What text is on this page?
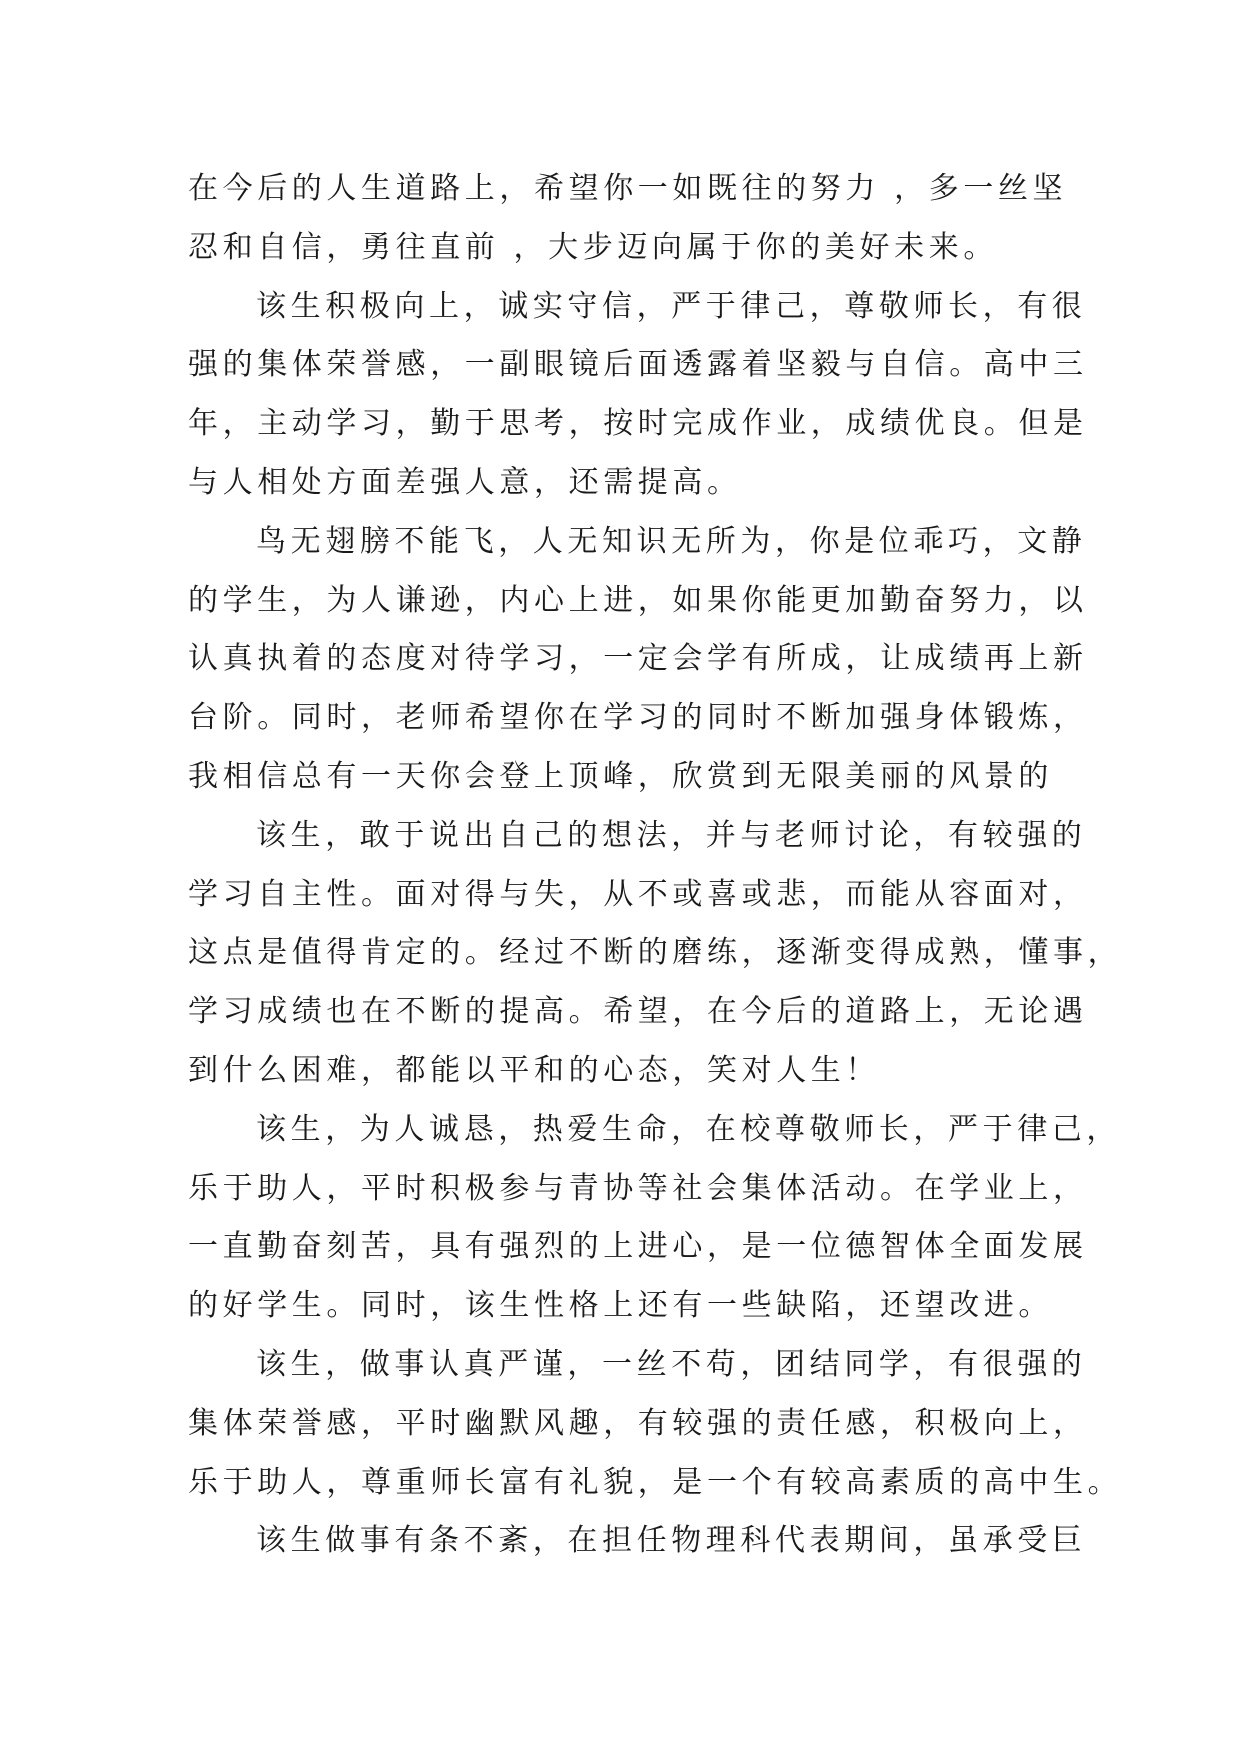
在今后的人生道路上，希望你一如既往的努力 ，多一丝坚
忍和自信，勇往直前 ，大步迈向属于你的美好未来。
该生积极向上，诚实守信，严于律己，尊敬师长，有很
强的集体荣誉感，一副眼镜后面透露着坚毅与自信。高中三
年，主动学习，勤于思考，按时完成作业，成绩优良。但是
与人相处方面差强人意，还需提高。
鸟无翅膀不能飞，人无知识无所为，你是位乖巧，文静
的学生，为人谦逊，内心上进，如果你能更加勤奋努力，以
认真执着的态度对待学习，一定会学有所成，让成绩再上新
台阶。同时，老师希望你在学习的同时不断加强身体锻炼，
我相信总有一天你会登上顶峰，欣赏到无限美丽的风景的
该生，敢于说出自己的想法，并与老师讨论，有较强的
学习自主性。面对得与失，从不或喜或悲，而能从容面对，
这点是值得肯定的。经过不断的磨练，逐渐变得成熟，懂事，
学习成绩也在不断的提高。希望，在今后的道路上，无论遇
到什么困难，都能以平和的心态，笑对人生！
该生，为人诚恳，热爱生命，在校尊敬师长，严于律己，
乐于助人，平时积极参与青协等社会集体活动。在学业上，
一直勤奋刻苦，具有强烈的上进心，是一位德智体全面发展
的好学生。同时，该生性格上还有一些缺陷，还望改进。
该生，做事认真严谨，一丝不苟，团结同学，有很强的
集体荣誉感，平时幽默风趣，有较强的责任感，积极向上，
乐于助人，尊重师长富有礼貌，是一个有较高素质的高中生。
该生做事有条不紊，在担任物理科代表期间，虽承受巨
